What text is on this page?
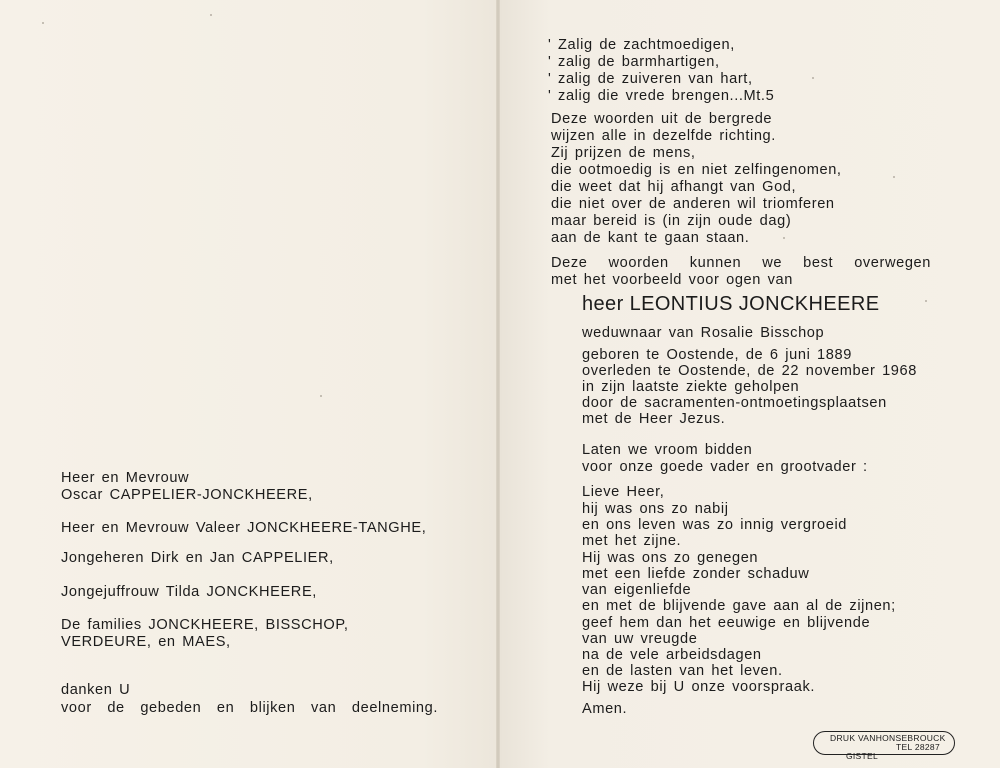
Heer en Mevrouw
Oscar CAPPELIER-JONCKHEERE,
Heer en Mevrouw Valeer JONCKHEERE-TANGHE,
Jongeheren Dirk en Jan CAPPELIER,
Jongejuffrouw Tilda JONCKHEERE,
De families JONCKHEERE, BISSCHOP,
VERDEURE, en MAES,
danken U
voor de gebeden en blijken van deelneming.
' Zalig de zachtmoedigen,
' zalig de barmhartigen,
' zalig de zuiveren van hart,
' zalig die vrede brengen...Mt.5
Deze woorden uit de bergrede
wijzen alle in dezelfde richting.
Zij prijzen de mens,
die ootmoedig is en niet zelfingenomen,
die weet dat hij afhangt van God,
die niet over de anderen wil triomferen
maar bereid is (in zijn oude dag)
aan de kant te gaan staan.
Deze woorden kunnen we best overwegen
met het voorbeeld voor ogen van
heer LEONTIUS JONCKHEERE
weduwnaar van Rosalie Bisschop
geboren te Oostende, de 6 juni 1889
overleden te Oostende, de 22 november 1968
in zijn laatste ziekte geholpen
door de sacramenten-ontmoetingsplaatsen
met de Heer Jezus.
Laten we vroom bidden
voor onze goede vader en grootvader :
Lieve Heer,
hij was ons zo nabij
en ons leven was zo innig vergroeid
met het zijne.
Hij was ons zo genegen
met een liefde zonder schaduw
van eigenliefde
en met de blijvende gave aan al de zijnen;
geef hem dan het eeuwige en blijvende
van uw vreugde
na de vele arbeidsdagen
en de lasten van het leven.
Hij weze bij U onze voorspraak.
Amen.
DRUK VANHONSEBROUCK

GISTEL

TEL 28287
